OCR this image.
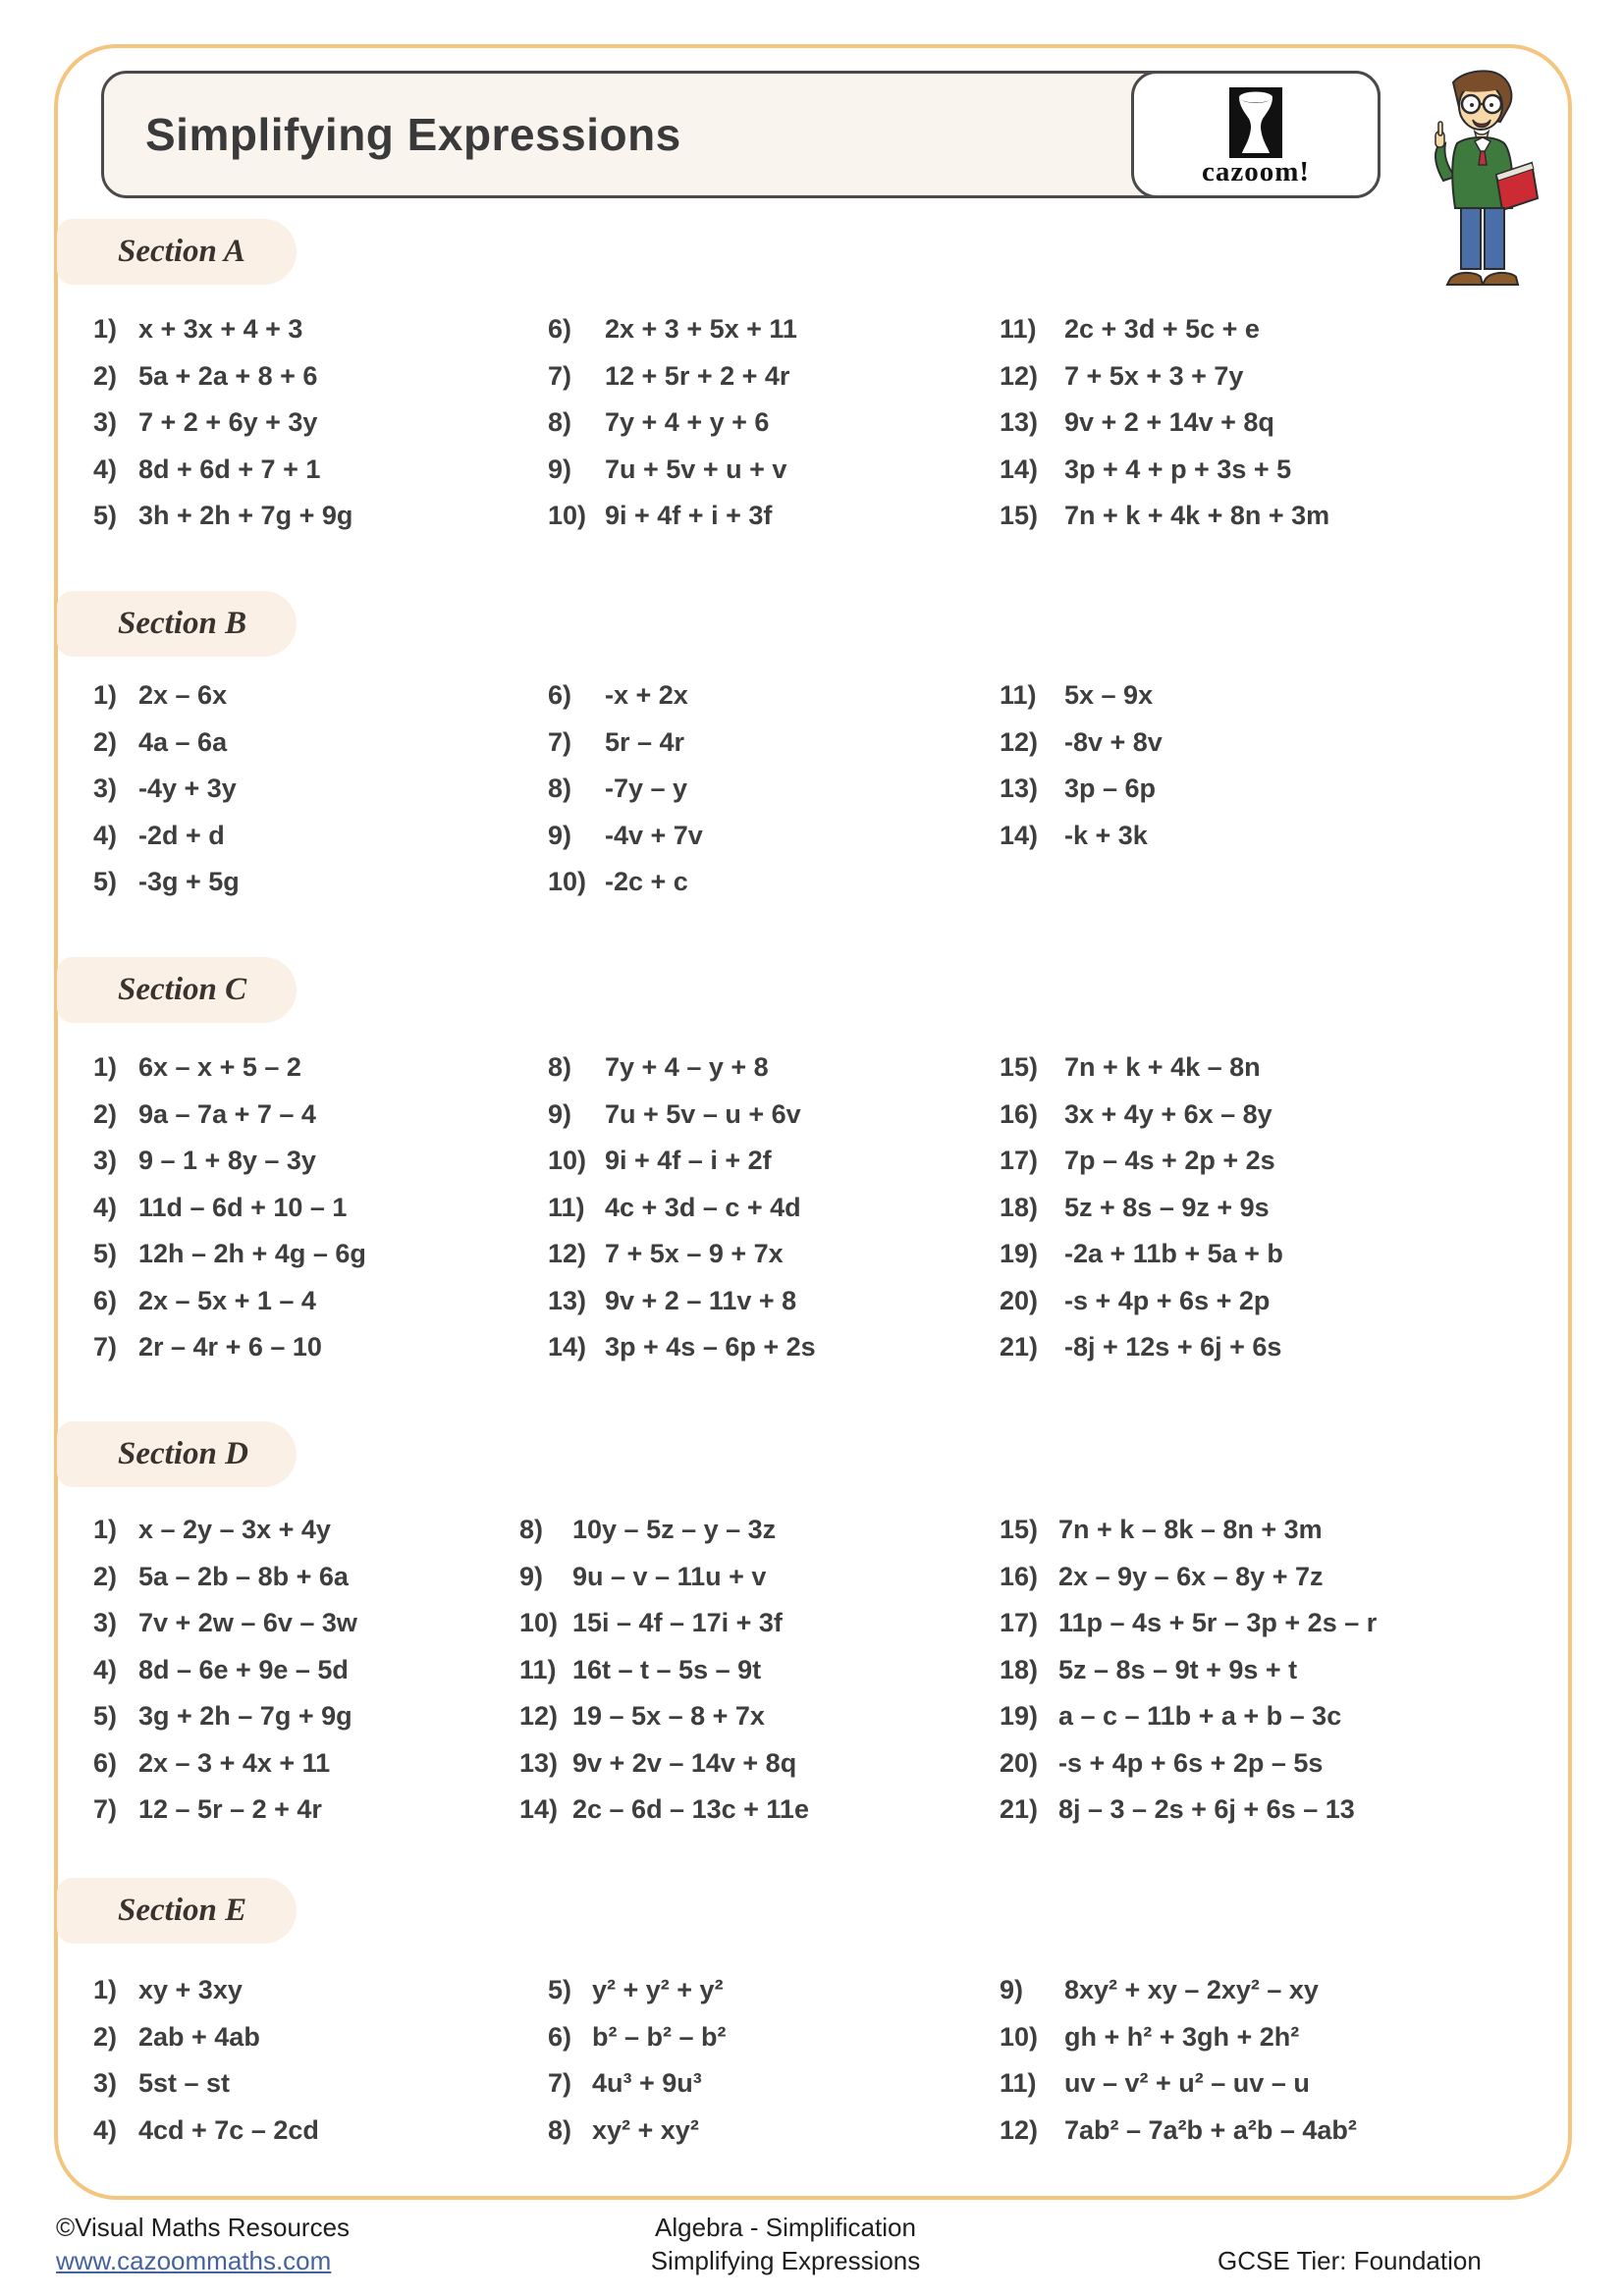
Simplifying Expressions
cazoom!
Section A
1) x + 3x + 4 + 3
2) 5a + 2a + 8 + 6
3) 7 + 2 + 6y + 3y
4) 8d + 6d + 7 + 1
5) 3h + 2h + 7g + 9g
6)	2x + 3 + 5x + 11
7)	12 + 5r + 2 + 4r
8)	7y + 4 + y + 6
9)	7u + 5v + u + v
10) 9i + 4f + i + 3f
11)	2c + 3d + 5c + e
12) 7 + 5x + 3 + 7y
13) 9v + 2 + 14v + 8q
14) 3p + 4 + p + 3s + 5
15) 7n + k + 4k + 8n + 3m
Section B
1) 2x – 6x
2) 4a – 6a
3) -4y + 3y
4) -2d + d
5) -3g + 5g
6)	-x + 2x
7)	5r – 4r
8)	-7y – y
9)	-4v + 7v
10) -2c + c
11)	5x – 9x
12) -8v + 8v
13) 3p – 6p
14) -k + 3k
Section C
1) 6x – x + 5 – 2
2) 9a – 7a + 7 – 4
3) 9 – 1 + 8y – 3y
4) 11d – 6d + 10 – 1
5) 12h – 2h + 4g – 6g
6) 2x – 5x + 1 – 4
7) 2r – 4r + 6 – 10
8)	7y + 4 – y + 8
9)	7u + 5v – u + 6v
10) 9i + 4f – i + 2f
11) 4c + 3d – c + 4d
12) 7 + 5x – 9 + 7x
13) 9v + 2 – 11v + 8
14) 3p + 4s – 6p + 2s
15) 7n + k + 4k – 8n
16) 3x + 4y + 6x – 8y
17) 7p – 4s + 2p + 2s
18) 5z + 8s – 9z + 9s
19) -2a + 11b + 5a + b
20) -s + 4p + 6s + 2p
21) -8j + 12s + 6j + 6s
Section D
1) x – 2y – 3x + 4y
2) 5a – 2b – 8b + 6a
3) 7v + 2w – 6v – 3w
4) 8d – 6e + 9e – 5d
5) 3g + 2h – 7g + 9g
6) 2x – 3 + 4x + 11
7) 12 – 5r – 2 + 4r
8)	10y – 5z – y – 3z
9)	9u – v – 11u + v
10) 15i – 4f – 17i + 3f
11) 16t – t – 5s – 9t
12) 19 – 5x – 8 + 7x
13) 9v + 2v – 14v + 8q
14) 2c – 6d – 13c + 11e
15) 7n + k – 8k – 8n + 3m
16) 2x – 9y – 6x – 8y + 7z
17) 11p – 4s + 5r – 3p + 2s – r
18) 5z – 8s – 9t + 9s + t
19) a – c – 11b + a + b – 3c
20) -s + 4p + 6s + 2p – 5s
21) 8j – 3 – 2s + 6j + 6s – 13
Section E
1) xy + 3xy
2) 2ab + 4ab
3) 5st – st
4) 4cd + 7c – 2cd
5) y² + y² + y²
6) b² – b² – b²
7) 4u³ + 9u³
8) xy² + xy²
9)	8xy² + xy – 2xy² – xy
10) gh + h² + 3gh + 2h²
11)	uv – v² + u² – uv – u
12) 7ab² – 7a²b + a²b – 4ab²
©Visual Maths Resources
www.cazoommaths.com
Algebra - Simplification
Simplifying Expressions	GCSE Tier: Foundation
